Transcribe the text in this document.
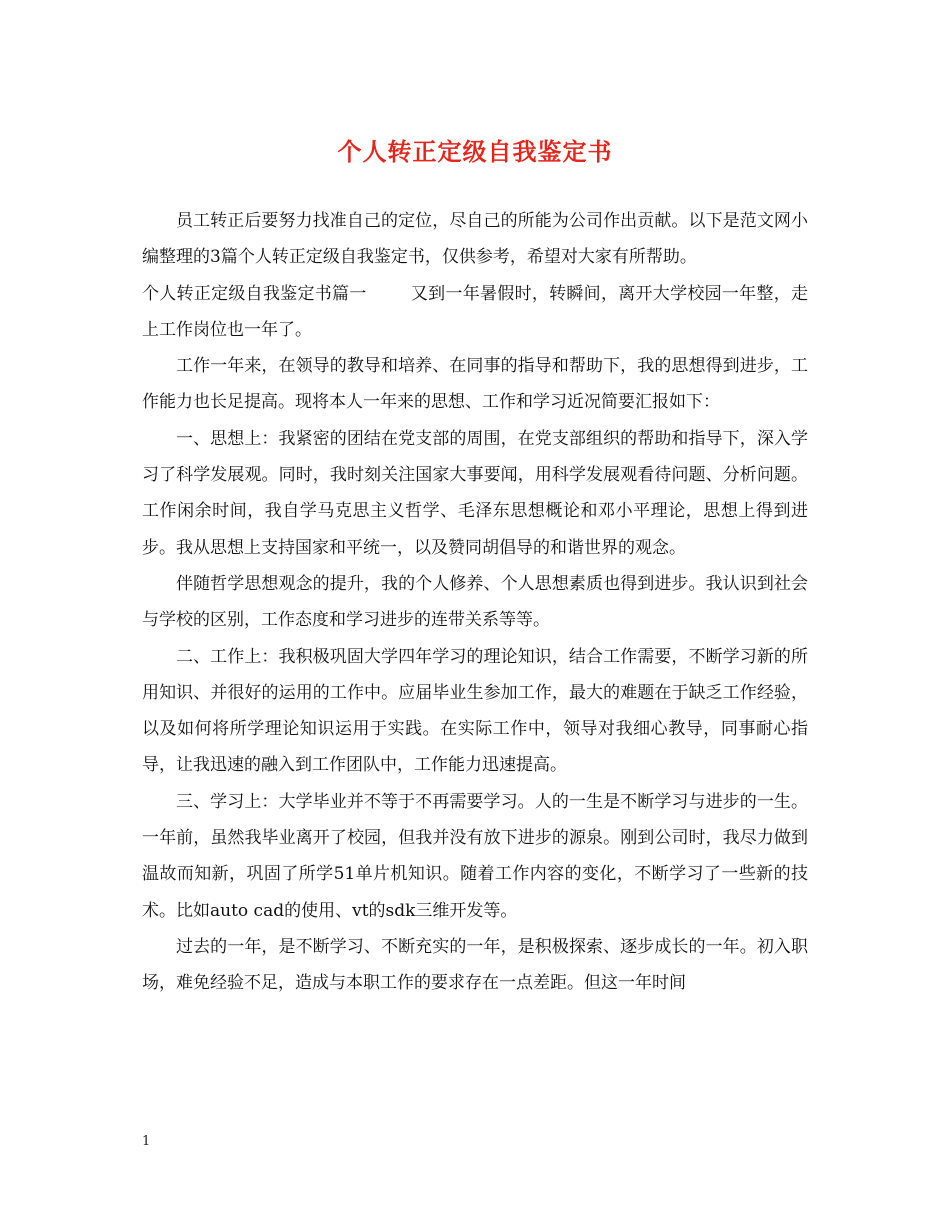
个人转正定级自我鉴定书

员工转正后要努力找准自己的定位，尽自己的所能为公司作出贡献。以下是范文网小编整理的3篇个人转正定级自我鉴定书，仅供参考，希望对大家有所帮助。

个人转正定级自我鉴定书篇一	又到一年暑假时，转瞬间，离开大学校园一年整，走上工作岗位也一年了。

工作一年来，在领导的教导和培养、在同事的指导和帮助下，我的思想得到进步，工作能力也长足提高。现将本人一年来的思想、工作和学习近况简要汇报如下：

一、思想上：我紧密的团结在党支部的周围，在党支部组织的帮助和指导下，深入学习了科学发展观。同时，我时刻关注国家大事要闻，用科学发展观看待问题、分析问题。工作闲余时间，我自学马克思主义哲学、毛泽东思想概论和邓小平理论，思想上得到进步。我从思想上支持国家和平统一，以及赞同胡倡导的和谐世界的观念。

伴随哲学思想观念的提升，我的个人修养、个人思想素质也得到进步。我认识到社会与学校的区别，工作态度和学习进步的连带关系等等。

二、工作上：我积极巩固大学四年学习的理论知识，结合工作需要，不断学习新的所用知识、并很好的运用的工作中。应届毕业生参加工作，最大的难题在于缺乏工作经验，以及如何将所学理论知识运用于实践。在实际工作中，领导对我细心教导，同事耐心指导，让我迅速的融入到工作团队中，工作能力迅速提高。

三、学习上：大学毕业并不等于不再需要学习。人的一生是不断学习与进步的一生。一年前，虽然我毕业离开了校园，但我并没有放下进步的源泉。刚到公司时，我尽力做到温故而知新，巩固了所学51单片机知识。随着工作内容的变化，不断学习了一些新的技术。比如auto cad的使用、vt的sdk三维开发等。

过去的一年，是不断学习、不断充实的一年，是积极探索、逐步成长的一年。初入职场，难免经验不足，造成与本职工作的要求存在一点差距。但这一年时间

1
